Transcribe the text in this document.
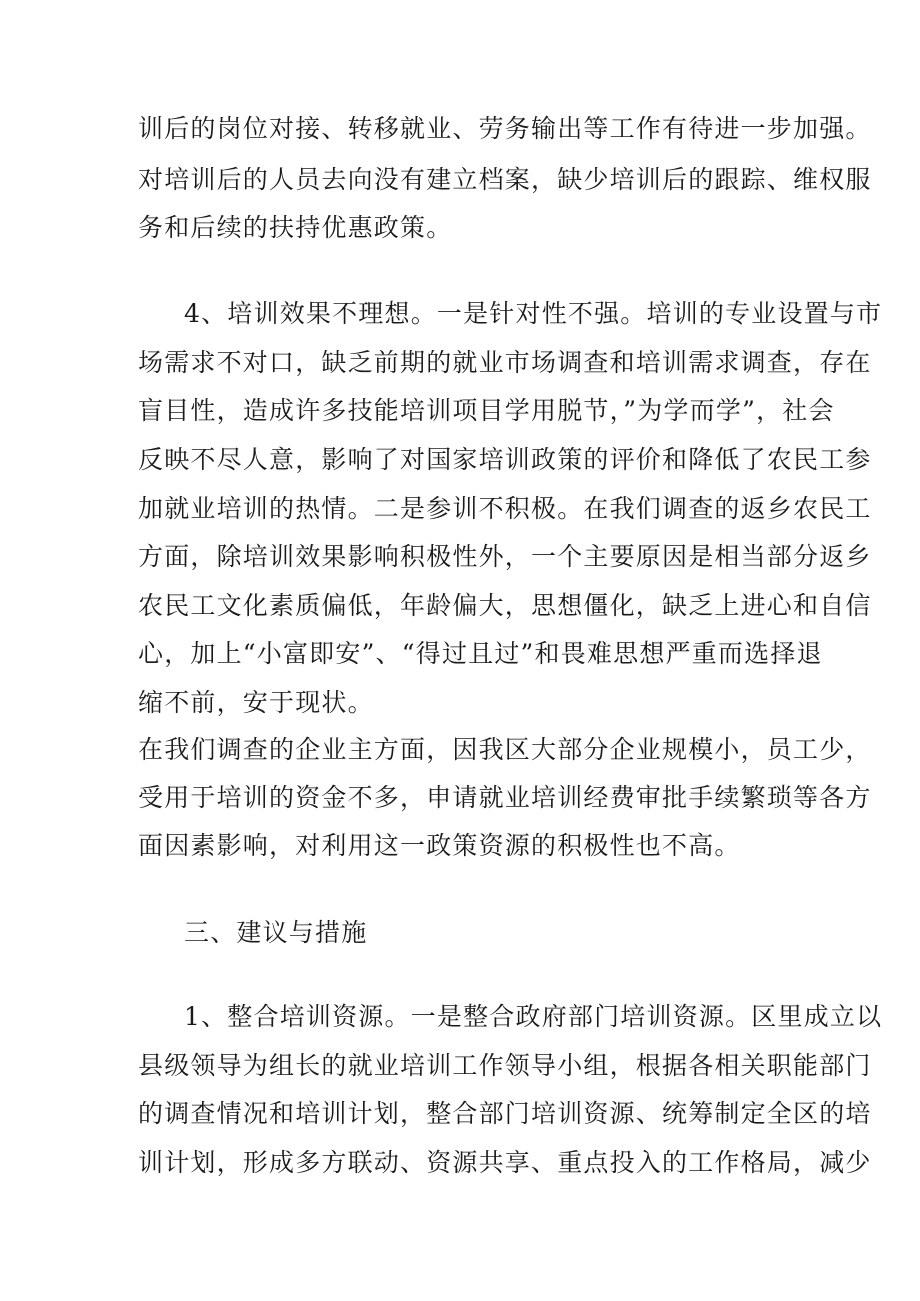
训后的岗位对接、转移就业、劳务输出等工作有待进一步加强。
对培训后的人员去向没有建立档案，缺少培训后的跟踪、维权服
务和后续的扶持优惠政策。
4、培训效果不理想。一是针对性不强。培训的专业设置与市
场需求不对口，缺乏前期的就业市场调查和培训需求调查，存在
盲目性，造成许多技能培训项目学用脱节，”为学而学”，社会
反映不尽人意，影响了对国家培训政策的评价和降低了农民工参
加就业培训的热情。二是参训不积极。在我们调查的返乡农民工
方面，除培训效果影响积极性外，一个主要原因是相当部分返乡
农民工文化素质偏低，年龄偏大，思想僵化，缺乏上进心和自信
心，加上“小富即安”、“得过且过”和畏难思想严重而选择退
缩不前，安于现状。
在我们调查的企业主方面，因我区大部分企业规模小，员工少，
受用于培训的资金不多，申请就业培训经费审批手续繁琐等各方
面因素影响，对利用这一政策资源的积极性也不高。
三、建议与措施
1、整合培训资源。一是整合政府部门培训资源。区里成立以
县级领导为组长的就业培训工作领导小组，根据各相关职能部门
的调查情况和培训计划，整合部门培训资源、统筹制定全区的培
训计划，形成多方联动、资源共享、重点投入的工作格局，减少
